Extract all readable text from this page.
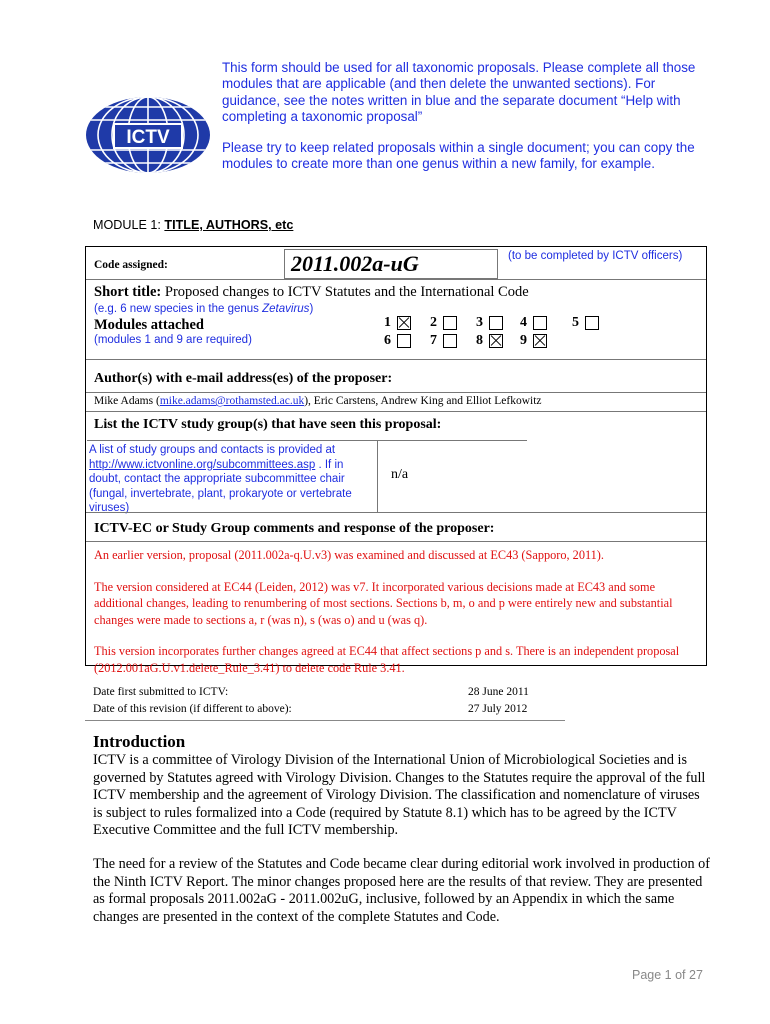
ICTV

This form should be used for all taxonomic proposals. Please complete all those modules that are applicable (and then delete the unwanted sections). For guidance, see the notes written in blue and the separate document “Help with completing a taxonomic proposal”

Please try to keep related proposals within a single document; you can copy the modules to create more than one genus within a new family, for example.

MODULE 1: TITLE, AUTHORS, etc
Code assigned:	2011.002a-uG	(to be completed by ICTV officers)
Short title: Proposed changes to ICTV Statutes and the International Code
(e.g. 6 new species in the genus Zetavirus)
Modules attached
(modules 1 and 9 are required)
1	2	3	4	5
6	7	8	9
Author(s) with e-mail address(es) of the proposer:
Mike Adams (mike.adams@rothamsted.ac.uk), Eric Carstens, Andrew King and Elliot Lefkowitz
List the ICTV study group(s) that have seen this proposal:
A list of study groups and contacts is provided at http://www.ictvonline.org/subcommittees.asp . If in doubt, contact the appropriate subcommittee chair (fungal, invertebrate, plant, prokaryote or vertebrate viruses)
n/a
ICTV-EC or Study Group comments and response of the proposer:

An earlier version, proposal (2011.002a-q.U.v3) was examined and discussed at EC43 (Sapporo, 2011).

The version considered at EC44 (Leiden, 2012) was v7. It incorporated various decisions made at EC43 and some additional changes, leading to renumbering of most sections. Sections b, m, o and p were entirely new and substantial changes were made to sections a, r (was n), s (was o) and u (was q).

This version incorporates further changes agreed at EC44 that affect sections p and s. There is an independent proposal (2012.001aG.U.v1.delete_Rule_3.41) to delete code Rule 3.41.

Date first submitted to ICTV:	28 June 2011
Date of this revision (if different to above):	27 July 2012
Introduction

ICTV is a committee of Virology Division of the International Union of Microbiological Societies and is governed by Statutes agreed with Virology Division. Changes to the Statutes require the approval of the full ICTV membership and the agreement of Virology Division. The classification and nomenclature of viruses is subject to rules formalized into a Code (required by Statute 8.1) which has to be agreed by the ICTV Executive Committee and the full ICTV membership.

The need for a review of the Statutes and Code became clear during editorial work involved in production of the Ninth ICTV Report. The minor changes proposed here are the results of that review. They are presented as formal proposals 2011.002aG - 2011.002uG, inclusive, followed by an Appendix in which the same changes are presented in the context of the complete Statutes and Code.

Page 1 of 27
